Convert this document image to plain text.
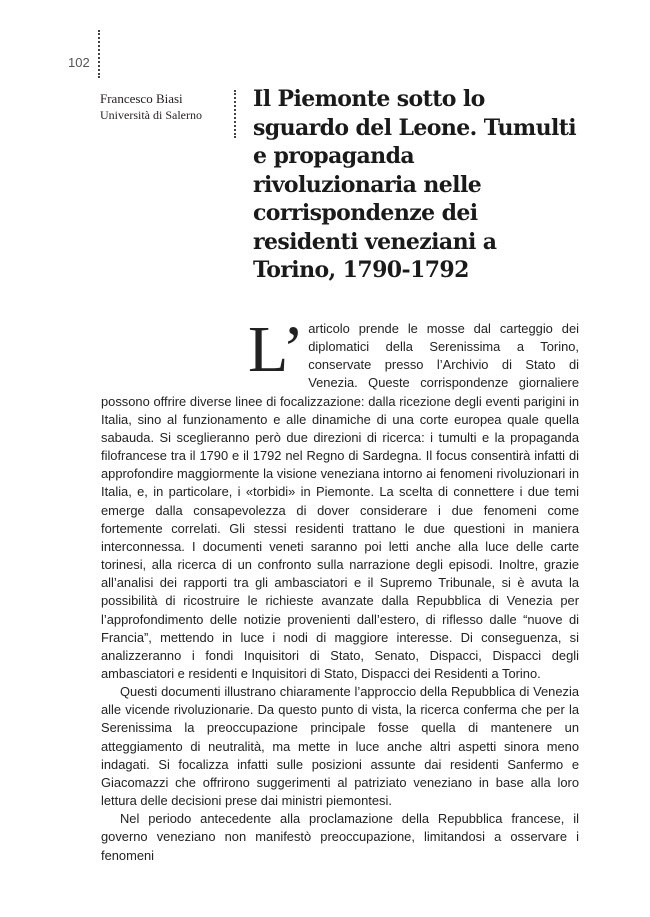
102
Francesco Biasi
Università di Salerno
Il Piemonte sotto lo sguardo del Leone. Tumulti e propaganda rivoluzionaria nelle corrispondenze dei residenti veneziani a Torino, 1790-1792

L’ articolo prende le mosse dal carteggio dei diplomatici della Serenissima a Torino, conservate presso l’Archivio di Stato di Venezia. Queste corrispondenze giornaliere possono offrire diverse linee di focalizzazione: dalla ricezione degli eventi parigini in Italia, sino al funzionamento e alle dinamiche di una corte europea quale quella sabauda. Si sceglieranno però due direzioni di ricerca: i tumulti e la propaganda filofrancese tra il 1790 e il 1792 nel Regno di Sardegna. Il focus consentirà infatti di approfondire maggiormente la visione veneziana intorno ai fenomeni rivoluzionari in Italia, e, in particolare, i «torbidi» in Piemonte. La scelta di connettere i due temi emerge dalla consapevolezza di dover considerare i due fenomeni come fortemente correlati. Gli stessi residenti trattano le due questioni in maniera interconnessa. I documenti veneti saranno poi letti anche alla luce delle carte torinesi, alla ricerca di un confronto sulla narrazione degli episodi. Inoltre, grazie all’analisi dei rapporti tra gli ambasciatori e il Supremo Tribunale, si è avuta la possibilità di ricostruire le richieste avanzate dalla Repubblica di Venezia per l’approfondimento delle notizie provenienti dall’estero, di riflesso dalle “nuove di Francia”, mettendo in luce i nodi di maggiore interesse. Di conseguenza, si analizzeranno i fondi Inquisitori di Stato, Senato, Dispacci, Dispacci degli ambasciatori e residenti e Inquisitori di Stato, Dispacci dei Residenti a Torino.

Questi documenti illustrano chiaramente l’approccio della Repubblica di Venezia alle vicende rivoluzionarie. Da questo punto di vista, la ricerca conferma che per la Serenissima la preoccupazione principale fosse quella di mantenere un atteggiamento di neutralità, ma mette in luce anche altri aspetti sinora meno indagati. Si focalizza infatti sulle posizioni assunte dai residenti Sanfermo e Giacomazzi che offrirono suggerimenti al patriziato veneziano in base alla loro lettura delle decisioni prese dai ministri piemontesi.

Nel periodo antecedente alla proclamazione della Repubblica francese, il governo veneziano non manifestò preoccupazione, limitandosi a osservare i fenomeni
